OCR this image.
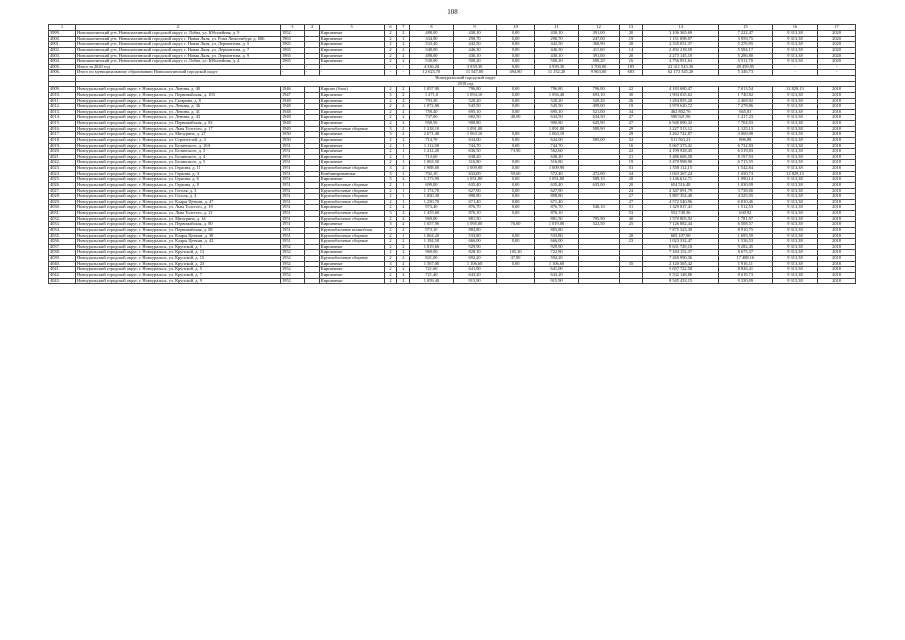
108
1	2	3	4	5	6	7	8	9	10	11	12	13	14	15	16	17
3999.	Новошахтинский р-н, Новошахтинский городской округ, п. Лобва, ул. Юбилейная, д. 9	1952		Кирпичные	2	2	488,00	430,10	0,00	430,10	391,00	20	3 106 365,69	7 222,47	9 313,38	2020
4000.	Новошахтинский р-н, Новошахтинский городской округ, г. Новая Ляля, ул. Розы Люксембург, д. 68Б	1963		Кирпичные	2	1	334,90	290,70	0,00	290,70	247,00	19	1 151 098,07	3 959,75	9 313,38	2020
4001.	Новошахтинский р-н, Новошахтинский городской округ, г. Новая Ляля, ул. Лермонтова, д. 5	1965		Кирпичные	2	2	533,40	442,50	0,00	442,50	368,90	28	2 335 051,37	5 276,95	9 313,38	2020
4002.	Новошахтинский р-н, Новошахтинский городской округ, г. Новая Ляля, ул. Лермонтова, д. 7	1965		Кирпичные	2	2	540,00	446,30	0,00	446,30	411,60	14	2 492 218,59	5 584,17	9 313,38	2020
4003.	Новошахтинский р-н, Новошахтинский городской округ, г. Новая Ляля, ул. Лермонтова, д. 9	1965		Кирпичные	2	2	488,00	430,10	0,00	430,10	391,00	20	2 273 145,10	5 286,80	9 313,38	2020
4004.	Новошахтинский р-н, Новошахтинский городской округ, п. Лобва, ул. Юбилейная, д. 4	1965		Кирпичные	2	2	530,00	500,20	0,00	500,20	500,20	16	2 756 951,63	5 511,70	9 313,38	2020
4005.	Итого за 2020 год	-	-	-	-	-	4 336,20	3 939,30	0,00	3 939,30	3 700,00	185	22 311 543,30	49 459,95	-	-
4006.	Итого по муниципальному образованию Новошахтинский городской округ	-	-	-	-	-	12 623,70	11 547,00	494,80	11 152,20	9 863,00	683	62 173 345,20	5 346,73	-	-
	Новоуральский городской округ															
	2018 год															
4009.	Новоуральский городской округ, г. Новоуральск, ул. Ленина, д. 40	1946		Кирпич (блок)	2	2	1 057,90	796,80	0,00	796,80	796,80	22	4 183 680,47	7 013,54	12 829,13	2018
4010.	Новоуральский городской округ, г. Новоуральск, ул. Первомайская, д. 103	1947		Кирпичные	3	2	1 271,0	1 094,10	0,00	1 094,40	693,10	30	1 904 635,62	1 740,82	9 313,38	2018
4011.	Новоуральский городской округ, г. Новоуральск, ул. Гагарина, д. 8	1948		Кирпичные	2	2	793,30	520,20	0,00	520,20	520,20	26	1 284 855,20	2 469,92	9 313,38	2018
4012.	Новоуральский городской округ, г. Новоуральск, ул. Ленина, д. 36	1948		Кирпичные	2	2	1 072,80	545,50	0,00	545,50	499,00	19	3 970 620,72	7 278,86	9 313,38	2018
4013.	Новоуральский городской округ, г. Новоуральск, ул. Ленина, д. 41	1948		Кирпичные	2	2	759,40	695,10	0,00	695,10	521,00	34	462 802,76	665,81	9 313,38	2018
4014.	Новоуральский городской округ, г. Новоуральск, ул. Ленина, д. 43	1948		Кирпичные	2	2	737,00	682,50	48,00	634,50	634,50	27	580 921,96	1 417,23	9 313,38	2018
4015.	Новоуральский городской округ, г. Новоуральск, ул. Первомайская, д. 82	1948		Кирпичные	2	2	958,50	900,80		900,80	645,90	27	6 940 690,32	7 704,93	9 313,38	2018
4016.	Новоуральский городской округ, г. Новоуральск, ул. Льва Толстого, д. 17	1949		Крупноблочные сборные	3	2	1 218,10	1 091,00		1 091,00	589,90	29	1 227 513,12	1 125,13	9 313,38	2018
4017.	Новоуральский городской округ, г. Новоуральск, ул. Мичурина, д. 27	1950		Кирпичные	3	2	2 071,40	1 063,10	0,00	1 063,10		29	3 262 742,87	3 069,08	9 313,38	2018
4018.	Новоуральский городской округ, г. Новоуральск, ул. Строителей, д. 3	1950		Кирпичные	2	2	714,70	634,00	0,00	634,00	585,00	32	511 563,23	806,88	9 313,38	2018
4019.	Новоуральский городской округ, г. Новоуральск, ул. Белинского, д. 10А	1951		Кирпичные	2	1	1 112,00	744,70	0,00	744,70		16	5 667 375,41	6 732,83	9 313,38	2018
4020.	Новоуральский городской округ, г. Новоуральск, ул. Белинского, д. 3	1951		Кирпичные	2	1	1 212,20	636,50	73,90	562,60		22	4 199 928,45	6 519,83	9 313,38	2018
4021.	Новоуральский городской округ, г. Новоуральск, ул. Белинского, д. 4	1951		Кирпичные	2	1	713,60	638,20		638,20		21	3 486 668,58	8 197,93	9 313,38	2018
4022.	Новоуральский городской округ, г. Новоуральск, ул. Белинского, д. 5	1951		Кирпичные	2	1	1 063,50	516,80	0,00	516,80		19	3 470 998,90	6 715,55	9 313,38	2018
4023.	Новоуральский городской округ, г. Новоуральск, ул. Гераина, д. 11	1951		Крупноблочные сборные	3	2	1 988,00	1 009,90	0,00	1 009,90		53	1 558 112,15	1 542,84	9 313,38	2018
4024.	Новоуральский городской округ, г. Новоуральск, ул. Гераина, д. 4	1951		Комбинированные	3	1	702,10	632,00	59,60	572,40	472,00	34	1 043 267,24	1 650,74	12 829,13	2018
4025.	Новоуральский городской округ, г. Новоуральск, ул. Гераина, д. 6	1951		Кирпичные	3	2	1 173,90	1 051,80	0,00	1 051,80	589,10	28	1 146 612,71	1 090,14	9 313,38	2018
4026.	Новоуральский городской округ, г. Новоуральск, ул. Гераина, д. 8	1951		Крупноблочные сборные	2	1	699,00	635,40	0,00	635,40	635,00	20	654 516,48	1 030,09	9 313,38	2018
4027.	Новоуральский городской округ, г. Новоуральск, ул. Гоголя, д. 3	1951		Крупноблочные сборные	2	1	1 174,70	627,90	0,00	627,90		24	2 347 091,79	3 738,00	9 313,38	2018
4028.	Новоуральский городской округ, г. Новоуральск, ул. Гоголя, д. 4	1951		Крупноблочные сборные	2	1	1 830,30	898,80	0,00	898,80		27	3 887 354,48	4 325,05	9 313,38	2018
4029.	Новоуральский городской округ, г. Новоуральск, ул. Клары Цеткин, д. 47	1951		Крупноблочные сборные	2	1	1 250,70	671,40	0,00	671,40		27	4 572 540,96	6 810,46	9 313,38	2018
4030.	Новоуральский городской округ, г. Новоуральск, ул. Льва Толстого, д. 19	1951		Кирпичные	2	2	973,40	876,70	0,00	876,70	546,10	31	1 329 037,41	1 512,53	9 313,38	2018
4031.	Новоуральский городской округ, г. Новоуральск, ул. Льва Толстого, д. 21	1951		Крупноблочные сборные	3	2	1 455,60	876,10	0,00	876,10		53	552 749,36	630,92	9 313,38	2018
4032.	Новоуральский городской округ, г. Новоуральск, ул. Мичурина, д. 34	1951		Крупноблочные сборные	2	2	969,00	881,50		881,50	795,90	40	1 570 805,92	1 781,97	9 313,38	2018
4033.	Новоуральский городской округ, г. Новоуральск, ул. Первомайская, д. 80	1951		Кирпичные	3	2	1 657,90	1 095,00	76,00	1 019,00	522,50	25	7 126 882,44	6 508,57	9 313,38	2018
4034.	Новоуральский городской округ, г. Новоуральск, ул. Первомайская, д. 88	1951		Крупноблочные шлакоблок	2	2	973,10	883,80		883,80			7 875 323,30	8 910,75	9 313,38	2018
4035.	Новоуральский городской округ, г. Новоуральск, ул. Клары Цеткин, д. 38	1951		Крупноблочные сборные	2	1	1 064,20	533,80	0,00	533,80		28	605 107,90	1 695,59	9 313,38	2018
4036.	Новоуральский городской округ, г. Новоуральск, ул. Клары Цеткин, д. 42	1951		Крупноблочные сборные	2	2	1 184,50	666,00	0,00	666,00		23	1 023 332,47	1 536,53	9 313,38	2018
4037.	Новоуральский городской округ, г. Новоуральск, ул. Крупской, д. 1	1952		Кирпичные	2	2	1 019,60	929,90		929,90			8 631 749,10	9 282,45	9 313,38	2018
4038.	Новоуральский городской округ, г. Новоуральск, ул. Крупской, д. 13	1952		Кирпичные	2	2	969,00	828,10	105,30	722,80			7 184 152,37	8 675,37	9 313,38	2018
4039.	Новоуральский городской округ, г. Новоуральск, ул. Крупской, д. 15	1952		Крупноблочные сборные	2	2	821,00	692,20	47,80	592,20			7 260 990,36	17 488,16	9 313,38	2018
4040.	Новоуральский городской округ, г. Новоуральск, ул. Крупской, д. 23	1952		Кирпичные	3	2	1 567,00	1 106,60	0,00	1 106,60		35	2 120 365,42	1 916,11	9 313,38	2018
4041.	Новоуральский городской округ, г. Новоуральск, ул. Крупской, д. 5	1952		Кирпичные	2	2	721,60	641,00		641,00			5 657 722,58	8 826,41	9 313,38	2018
4042.	Новоуральский городской округ, г. Новоуральск, ул. Крупской, д. 7	1952		Кирпичные	2	2	721,40	643,20		643,20			5 532 148,86	8 619,73	9 313,38	2018
4043.	Новоуральский городской округ, г. Новоуральск, ул. Крупской, д. 9	1952		Кирпичные	2	2	1 059,40	915,90		915,90			8 545 433,15	9 330,09	9 313,38	2018
